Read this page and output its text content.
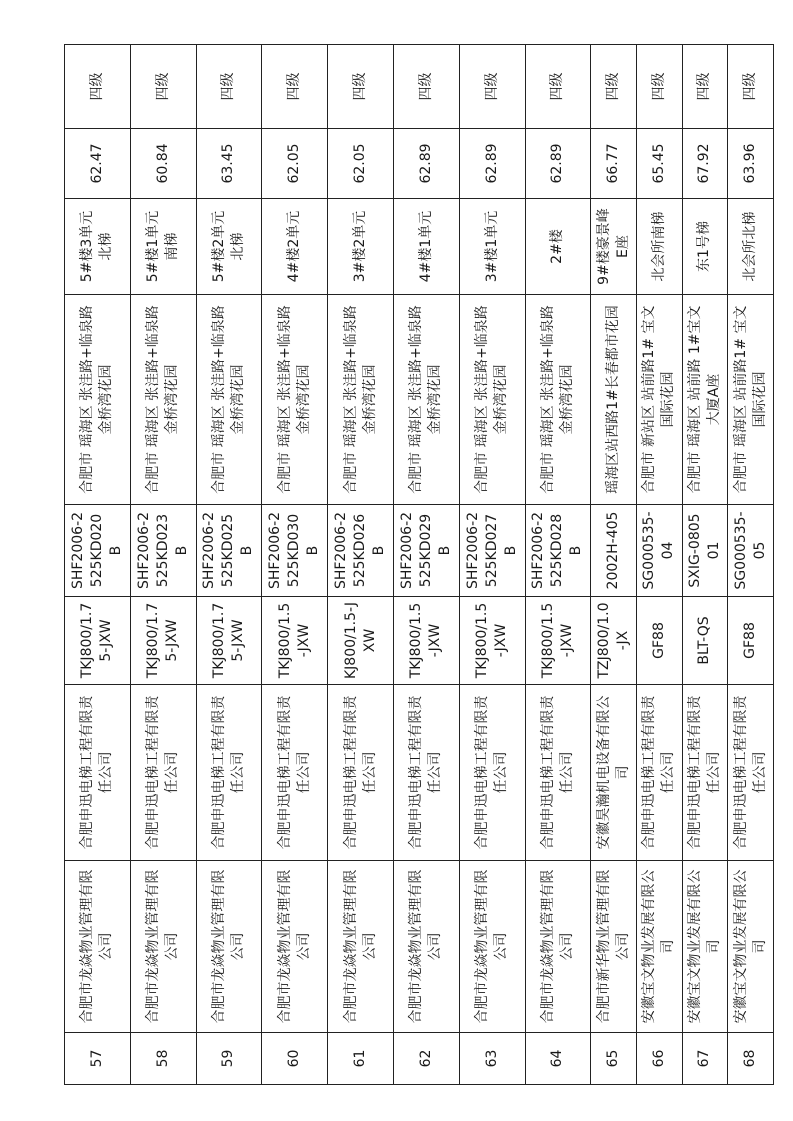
57	合肥市龙焱物业管理有限公司	合肥申迅电梯工程有限责任公司	TKJ800/1.75-JXW	SHF2006-2525KD020B	合肥市 瑶海区 张洼路+临泉路 金桥湾花园	5#楼3单元北梯	62.47	四级
58	合肥市龙焱物业管理有限公司	合肥申迅电梯工程有限责任公司	TKJ800/1.75-JXW	SHF2006-2525KD023B	合肥市 瑶海区 张洼路+临泉路 金桥湾花园	5#楼1单元南梯	60.84	四级
59	合肥市龙焱物业管理有限公司	合肥申迅电梯工程有限责任公司	TKJ800/1.75-JXW	SHF2006-2525KD025B	合肥市 瑶海区 张洼路+临泉路 金桥湾花园	5#楼2单元北梯	63.45	四级
60	合肥市龙焱物业管理有限公司	合肥申迅电梯工程有限责任公司	TKJ800/1.5-JXW	SHF2006-2525KD030B	合肥市 瑶海区 张洼路+临泉路 金桥湾花园	4#楼2单元	62.05	四级
61	合肥市龙焱物业管理有限公司	合肥申迅电梯工程有限责任公司	KJ800/1.5-JXW	SHF2006-2525KD026B	合肥市 瑶海区 张洼路+临泉路 金桥湾花园	3#楼2单元	62.05	四级
62	合肥市龙焱物业管理有限公司	合肥申迅电梯工程有限责任公司	TKJ800/1.5-JXW	SHF2006-2525KD029B	合肥市 瑶海区 张洼路+临泉路 金桥湾花园	4#楼1单元	62.89	四级
63	合肥市龙焱物业管理有限公司	合肥申迅电梯工程有限责任公司	TKJ800/1.5-JXW	SHF2006-2525KD027B	合肥市 瑶海区 张洼路+临泉路 金桥湾花园	3#楼1单元	62.89	四级
64	合肥市龙焱物业管理有限公司	合肥申迅电梯工程有限责任公司	TKJ800/1.5-JXW	SHF2006-2525KD028B	合肥市 瑶海区 张洼路+临泉路 金桥湾花园	2#楼	62.89	四级
65	合肥市新华物业管理有限公司	安徽昊瀚机电设备有限公司	TZJ800/1.0-JX	2002H-405	瑶海区站西路1#长春都市花园	9#楼豪景峰E座	66.77	四级
66	安徽宝文物业发展有限公司	合肥申迅电梯工程有限责任公司	GF88	SG000535-04	合肥市 新站区 站前路1# 宝文国际花园	北会所南梯	65.45	四级
67	安徽宝文物业发展有限公司	合肥申迅电梯工程有限责任公司	BLT-QS	SXIG-080501	合肥市 瑶海区 站前路 1#宝文大厦A座	东1号梯	67.92	四级
68	安徽宝文物业发展有限公司	合肥申迅电梯工程有限责任公司	GF88	SG000535-05	合肥市 瑶海区 站前路1# 宝文国际花园	北会所北梯	63.96	四级
